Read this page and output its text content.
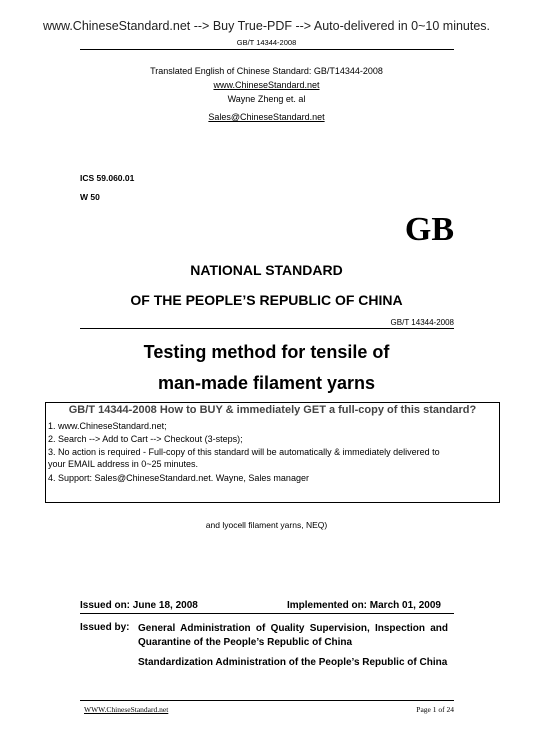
www.ChineseStandard.net --> Buy True-PDF --> Auto-delivered in 0~10 minutes.
GB/T 14344-2008
Translated English of Chinese Standard: GB/T14344-2008
www.ChineseStandard.net
Wayne Zheng et. al
Sales@ChineseStandard.net
ICS 59.060.01
W 50
GB
NATIONAL STANDARD
OF THE PEOPLE’S REPUBLIC OF CHINA
GB/T 14344-2008
Testing method for tensile of
man-made filament yarns
GB/T 14344-2008 How to BUY & immediately GET a full-copy of this standard?
1. www.ChineseStandard.net;
2. Search --> Add to Cart --> Checkout (3-steps);
3. No action is required - Full-copy of this standard will be automatically & immediately delivered to
your EMAIL address in 0~25 minutes.
4. Support: Sales@ChineseStandard.net. Wayne, Sales manager
and lyocell filament yarns, NEQ)
Issued on: June 18, 2008	Implemented on: March 01, 2009
Issued by: General Administration of Quality Supervision, Inspection and Quarantine of the People’s Republic of China
Standardization Administration of the People’s Republic of China
WWW.ChineseStandard.net	Page 1 of 24
